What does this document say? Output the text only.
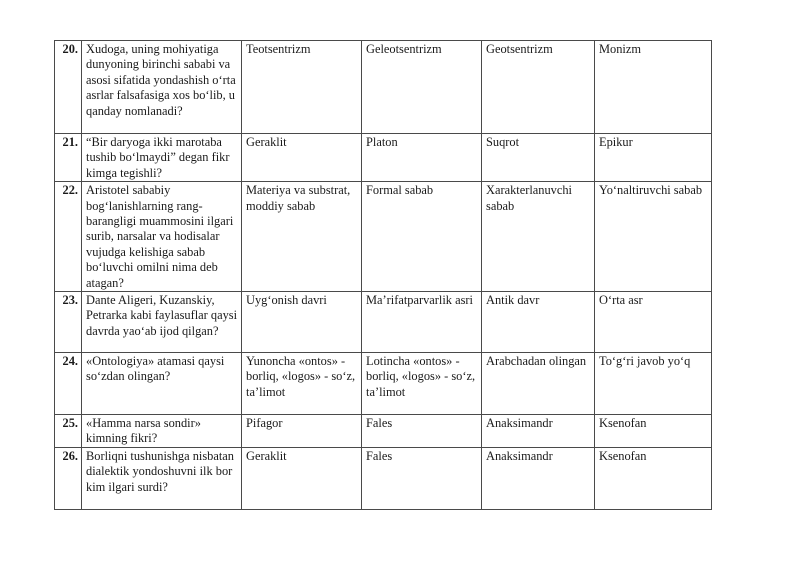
20.	Xudoga, uning mohiyatiga dunyoning birinchi sababi va asosi sifatida yondashish o‘rta asrlar falsafasiga xos bo‘lib, u qanday nomlanadi?	Teotsentrizm	Geleotsentrizm	Geotsentrizm	Monizm
21.	“Bir daryoga ikki marotaba tushib bo‘lmaydi” degan fikr kimga tegishli?	Geraklit	Platon	Suqrot	Epikur
22.	Aristotel sababiy bog‘lanishlarning rang-barangligi muammosini ilgari surib, narsalar va hodisalar vujudga kelishiga sabab bo‘luvchi omilni nima deb atagan?	Materiya va substrat, moddiy sabab	Formal sabab	Xarakterlanuvchi sabab	Yo‘naltiruvchi sabab
23.	Dante Aligeri, Kuzanskiy, Petrarka kabi faylasuflar qaysi davrda yao‘ab ijod qilgan?	Uyg‘onish davri	Ma’rifatparvarlik asri	Antik davr	O‘rta asr
24.	«Ontologiya» atamasi qaysi so‘zdan olingan?	Yunoncha «ontos» - borliq, «logos» - so‘z, ta’limot	Lotincha «ontos» - borliq, «logos» - so‘z, ta’limot	Arabchadan olingan	To‘g‘ri javob yo‘q
25.	«Hamma narsa sondir» kimning fikri?	Pifagor	Fales	Anaksimandr	Ksenofan
26.	Borliqni tushunishga nisbatan dialektik yondoshuvni ilk bor kim ilgari surdi?	Geraklit	Fales	Anaksimandr	Ksenofan
